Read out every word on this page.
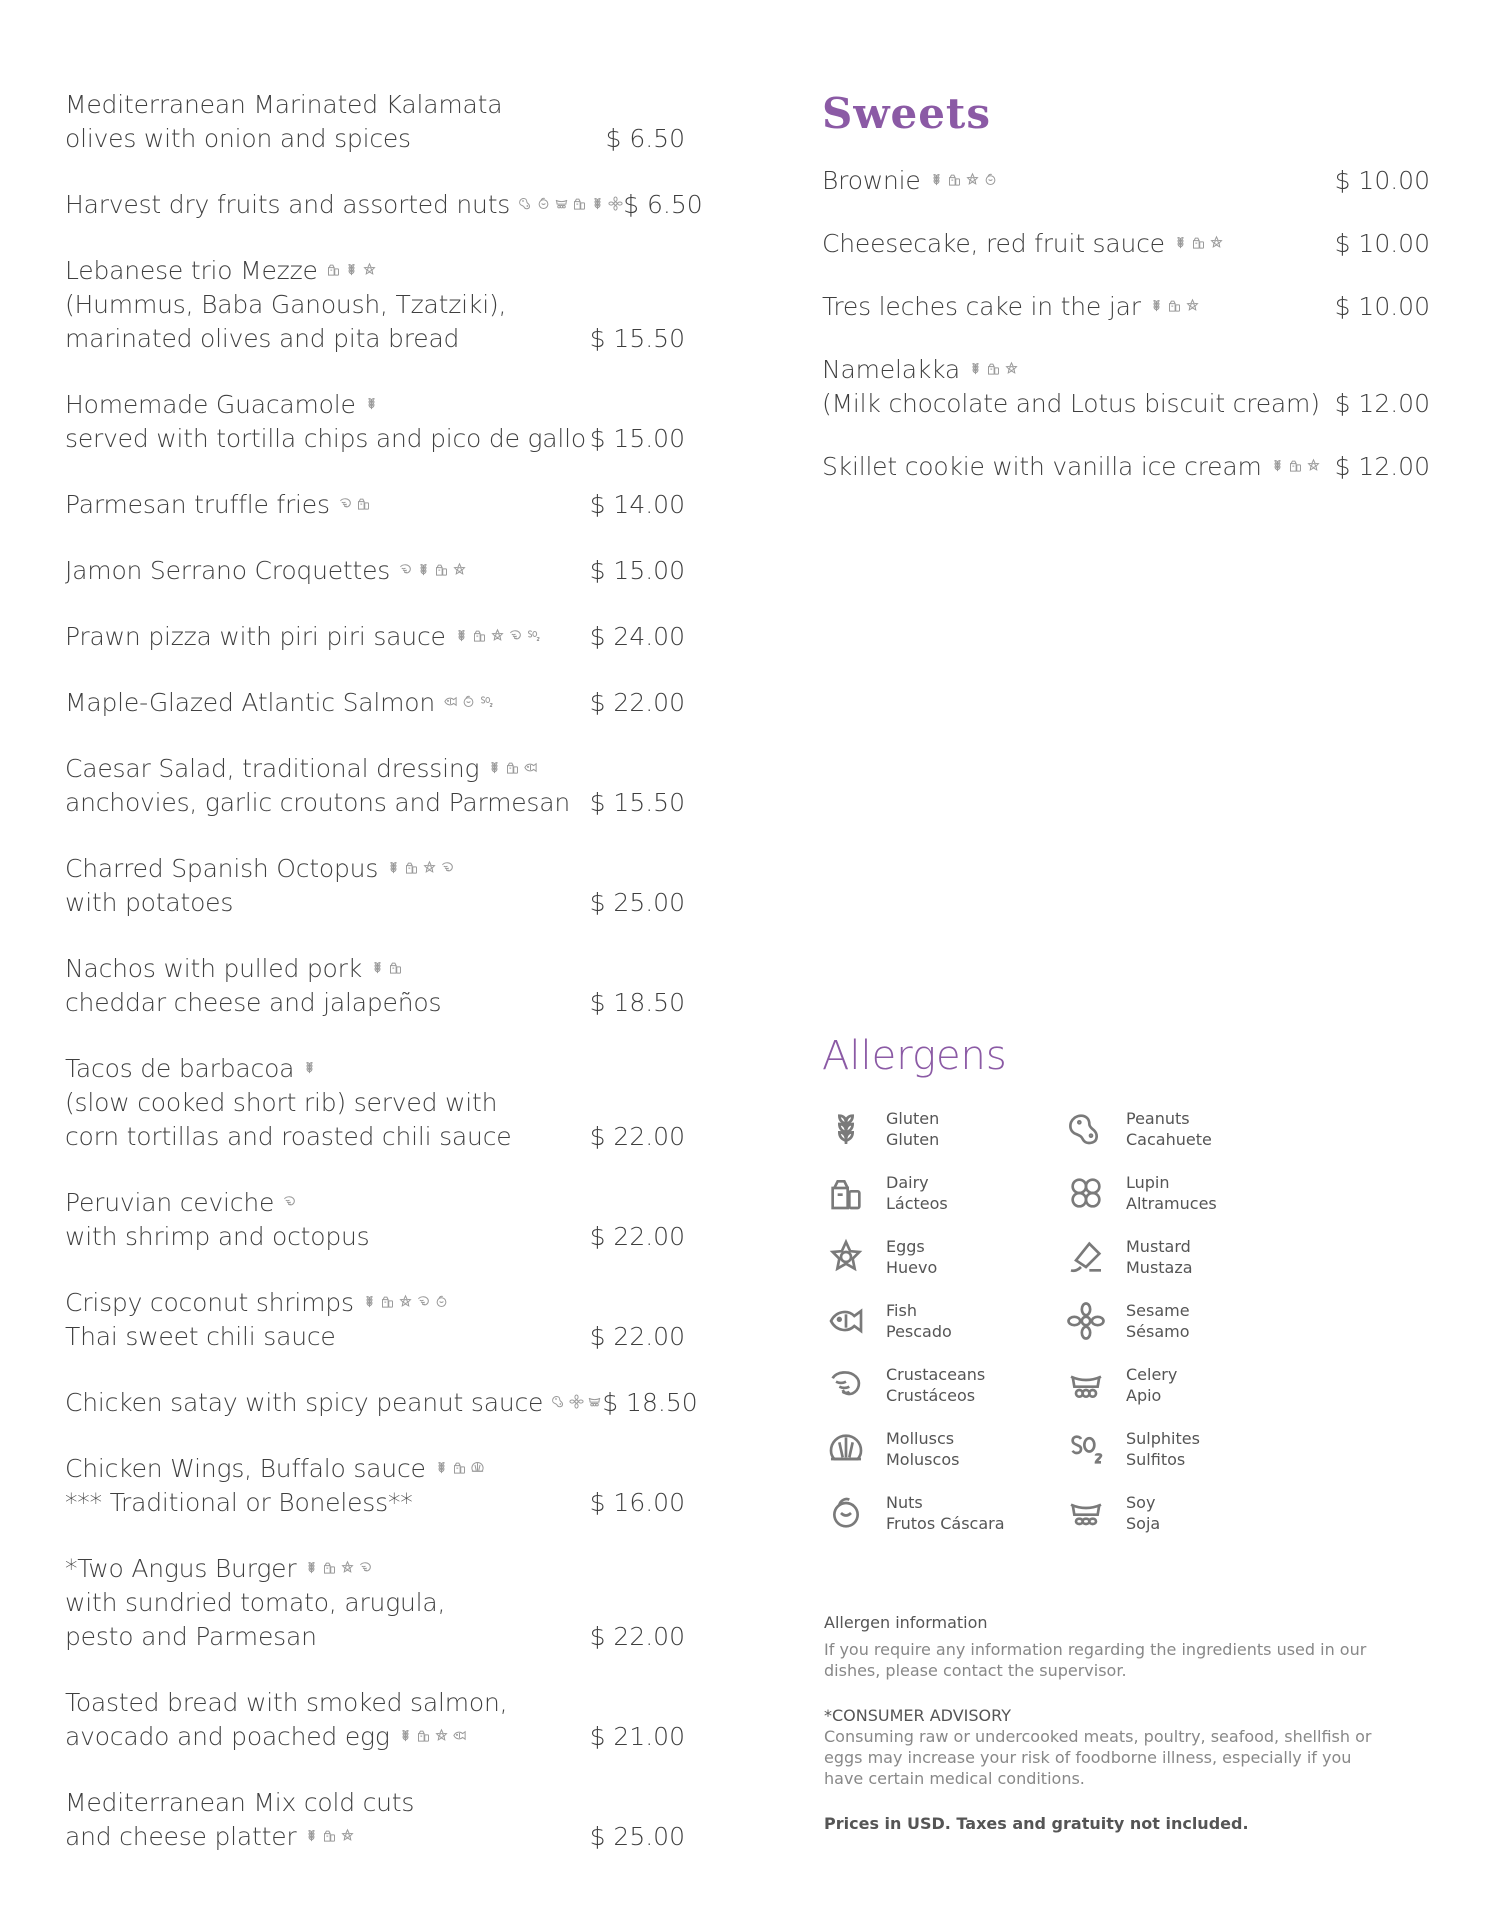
Mediterranean Marinated Kalamata
olives with onion and spices	$ 6.50
Harvest dry fruits and assorted nuts	$ 6.50
Lebanese trio Mezze
(Hummus, Baba Ganoush, Tzatziki),
marinated olives and pita bread	$ 15.50
Homemade Guacamole
served with tortilla chips and pico de gallo $ 15.00
Parmesan truffle fries	$ 14.00
Jamon Serrano Croquettes	$ 15.00
Prawn pizza with piri piri sauce	$ 24.00
Maple-Glazed Atlantic Salmon	$ 22.00
Caesar Salad, traditional dressing
anchovies, garlic croutons and Parmesan $ 15.50
Charred Spanish Octopus
with potatoes	$ 25.00
Nachos with pulled pork
cheddar cheese and jalapeños	$ 18.50
Tacos de barbacoa
(slow cooked short rib) served with
corn tortillas and roasted chili sauce	$ 22.00
Peruvian ceviche
with shrimp and octopus	$ 22.00
Crispy coconut shrimps
Thai sweet chili sauce	$ 22.00
Chicken satay with spicy peanut sauce	$ 18.50
Chicken Wings, Buffalo sauce
*** Traditional or Boneless**	$ 16.00
*Two Angus Burger
with sundried tomato, arugula,
pesto and Parmesan	$ 22.00
Toasted bread with smoked salmon,
avocado and poached egg	$ 21.00
Mediterranean Mix cold cuts
and cheese platter	$ 25.00
Sweets
Brownie	$ 10.00
Cheesecake, red fruit sauce	$ 10.00
Tres leches cake in the jar	$ 10.00
Namelakka
(Milk chocolate and Lotus biscuit cream) $ 12.00
Skillet cookie with vanilla ice cream	$ 12.00
Allergens
Gluten
Gluten
Peanuts
Cacahuete
Dairy
Lácteos
Lupin
Altramuces
Eggs
Huevo
Mustard
Mustaza
Fish
Pescado
Sesame
Sésamo
Crustaceans
Crustáceos
Celery
Apio
Molluscs
Moluscos
Sulphites
Sulfitos
Nuts
Frutos Cáscara
Soy
Soja
Allergen information

If you require any information regarding the ingredients used in our dishes, please contact the supervisor.

*CONSUMER ADVISORY

Consuming raw or undercooked meats, poultry, seafood, shellfish or eggs may increase your risk of foodborne illness, especially if you have certain medical conditions.

Prices in USD. Taxes and gratuity not included.
